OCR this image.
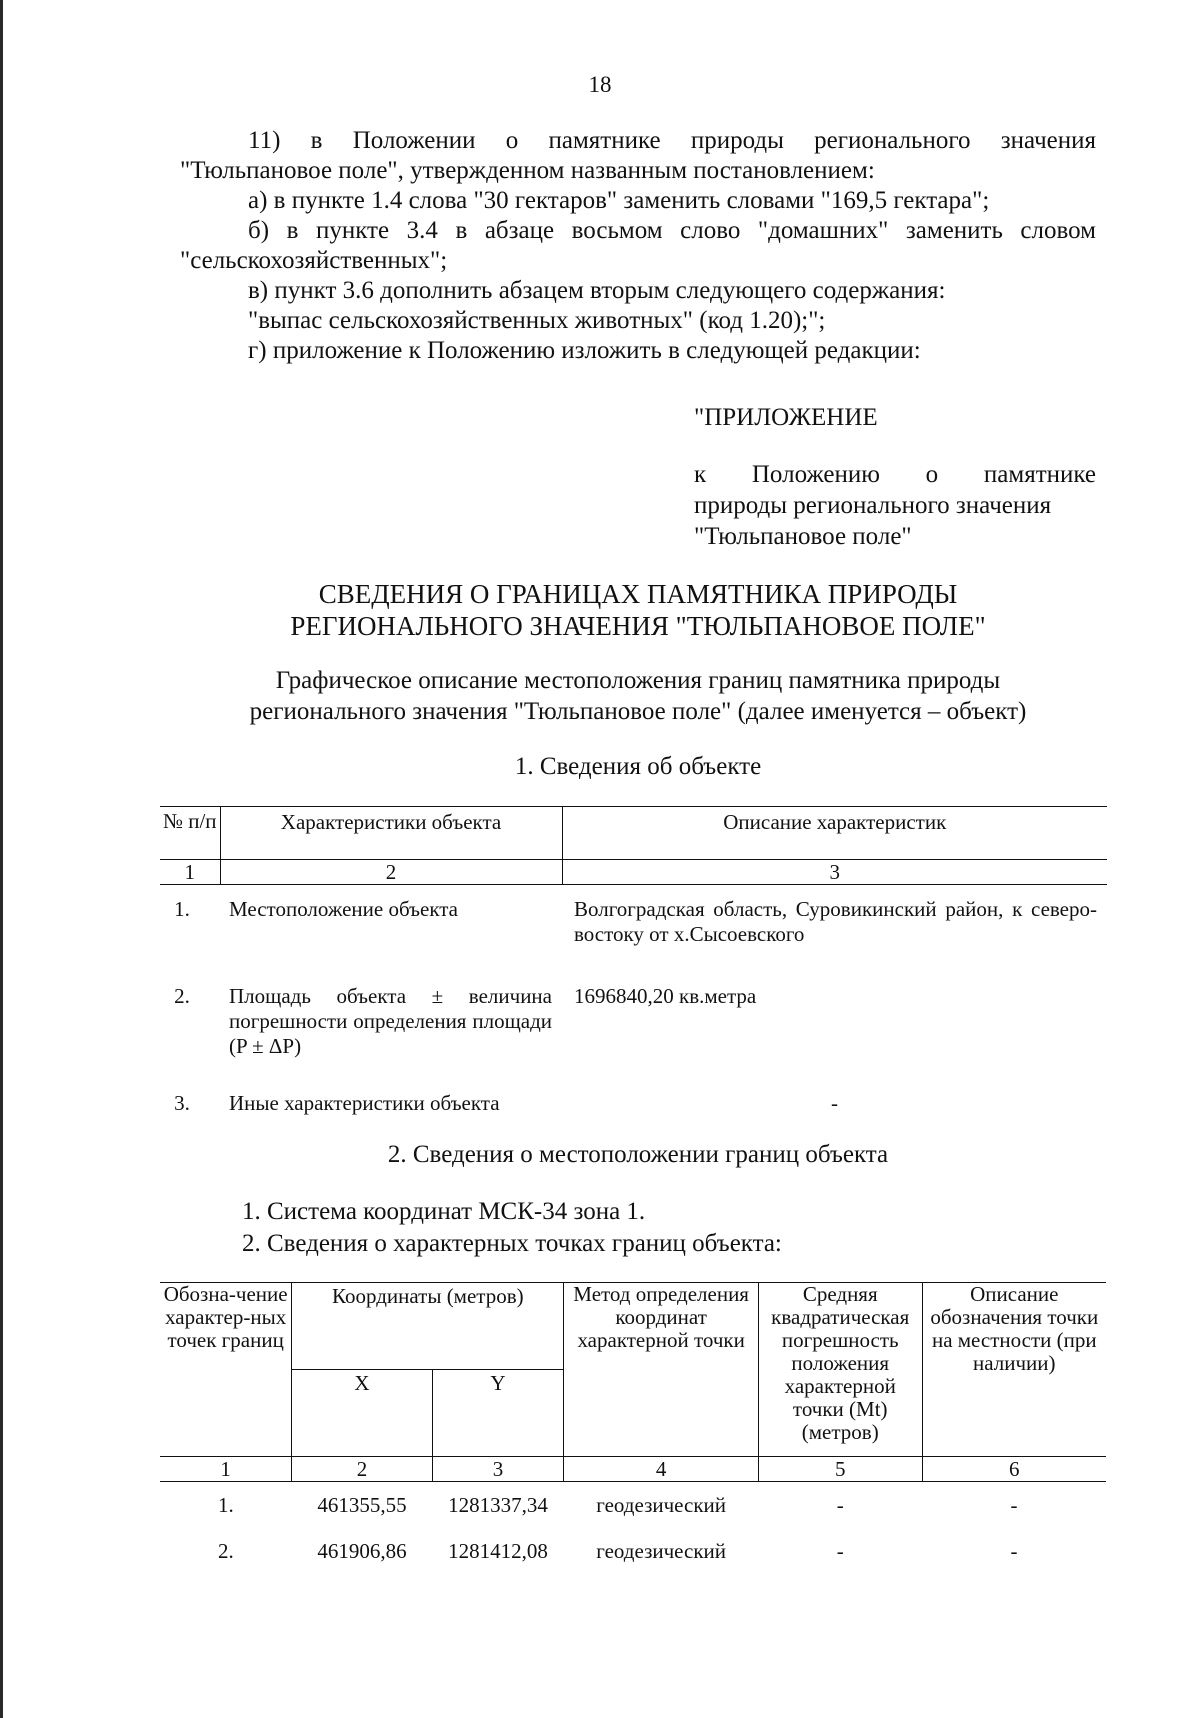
18

11) в Положении о памятнике природы регионального значения

"Тюльпановое поле", утвержденном названным постановлением:

а) в пункте 1.4 слова "30 гектаров" заменить словами "169,5 гектара";

б) в пункте 3.4 в абзаце восьмом слово "домашних" заменить словом

"сельскохозяйственных";

в) пункт 3.6 дополнить абзацем вторым следующего содержания:

"выпас сельскохозяйственных животных" (код 1.20);";

г) приложение к Положению изложить в следующей редакции:

"ПРИЛОЖЕНИЕ

к Положению о памятнике

природы регионального значения

"Тюльпановое поле"

СВЕДЕНИЯ О ГРАНИЦАХ ПАМЯТНИКА ПРИРОДЫ
РЕГИОНАЛЬНОГО ЗНАЧЕНИЯ "ТЮЛЬПАНОВОЕ ПОЛЕ"
Графическое описание местоположения границ памятника природы
регионального значения "Тюльпановое поле" (далее именуется – объект)
1. Сведения об объекте
№ п/п	Характеристики объекта	Описание характеристик
1	2	3
1.	Местоположение объекта	Волгоградская область, Суровикинский район, к северо-востоку от х.Сысоевского
2.	Площадь объекта ± величина погрешности определения площади (P ± ΔP)	1696840,20 кв.метра
3.	Иные характеристики объекта	-
2. Сведения о местоположении границ объекта

1. Система координат МСК-34 зона 1.

2. Сведения о характерных точках границ объекта:

Обозна-чение характер-ных точек границ	Координаты (метров)		Метод определения координат характерной точки	Средняя квадратическая погрешность положения характерной точки (Mt) (метров)	Описание обозначения точки на местности (при наличии)
	X	Y			
1	2	3	4	5	6
1.	461355,55	1281337,34	геодезический	-	-
2.	461906,86	1281412,08	геодезический	-	-
